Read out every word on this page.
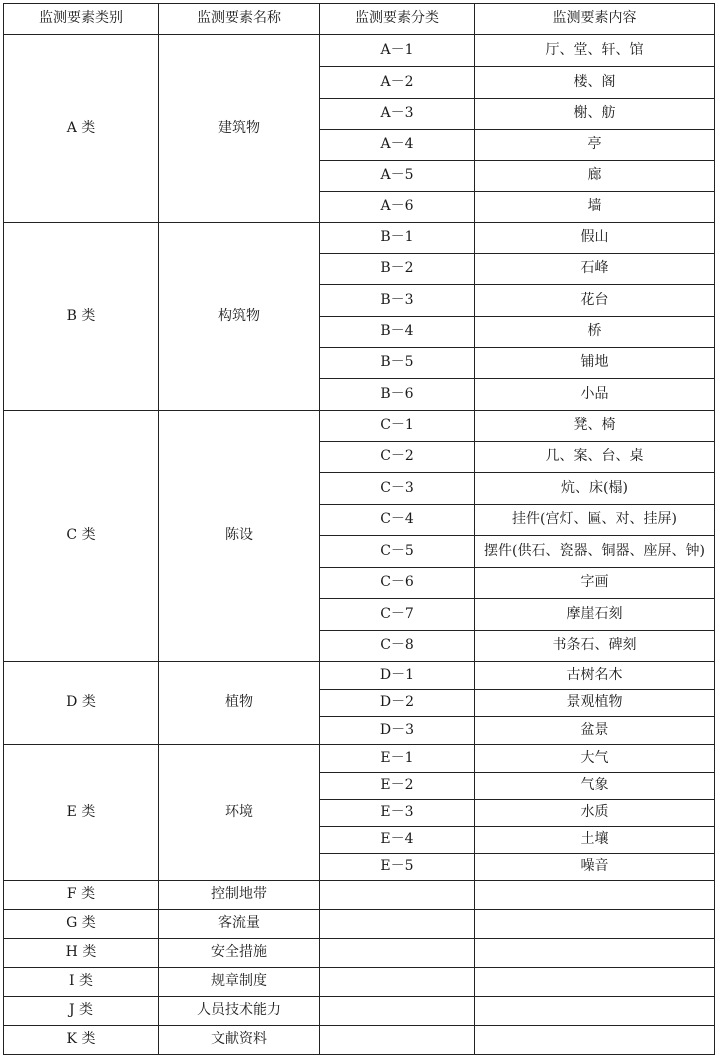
监测要素类别	监测要素名称	监测要素分类	监测要素内容
A 类	建筑物	A－1	厅、堂、轩、馆
		A－2	楼、阁
		A－3	榭、舫
		A－4	亭
		A－5	廊
		A－6	墙
B 类	构筑物	B－1	假山
		B－2	石峰
		B－3	花台
		B－4	桥
		B－5	铺地
		B－6	小品
C 类	陈设	C－1	凳、椅
		C－2	几、案、台、桌
		C－3	炕、床(榻)
		C－4	挂件(宫灯、匾、对、挂屏)
		C－5	摆件(供石、瓷器、铜器、座屏、钟)
		C－6	字画
		C－7	摩崖石刻
		C－8	书条石、碑刻
D 类	植物	D－1	古树名木
		D－2	景观植物
		D－3	盆景
E 类	环境	E－1	大气
		E－2	气象
		E－3	水质
		E－4	土壤
		E－5	噪音
F 类	控制地带		
G 类	客流量		
H 类	安全措施		
I 类	规章制度		
J 类	人员技术能力		
K 类	文献资料		
